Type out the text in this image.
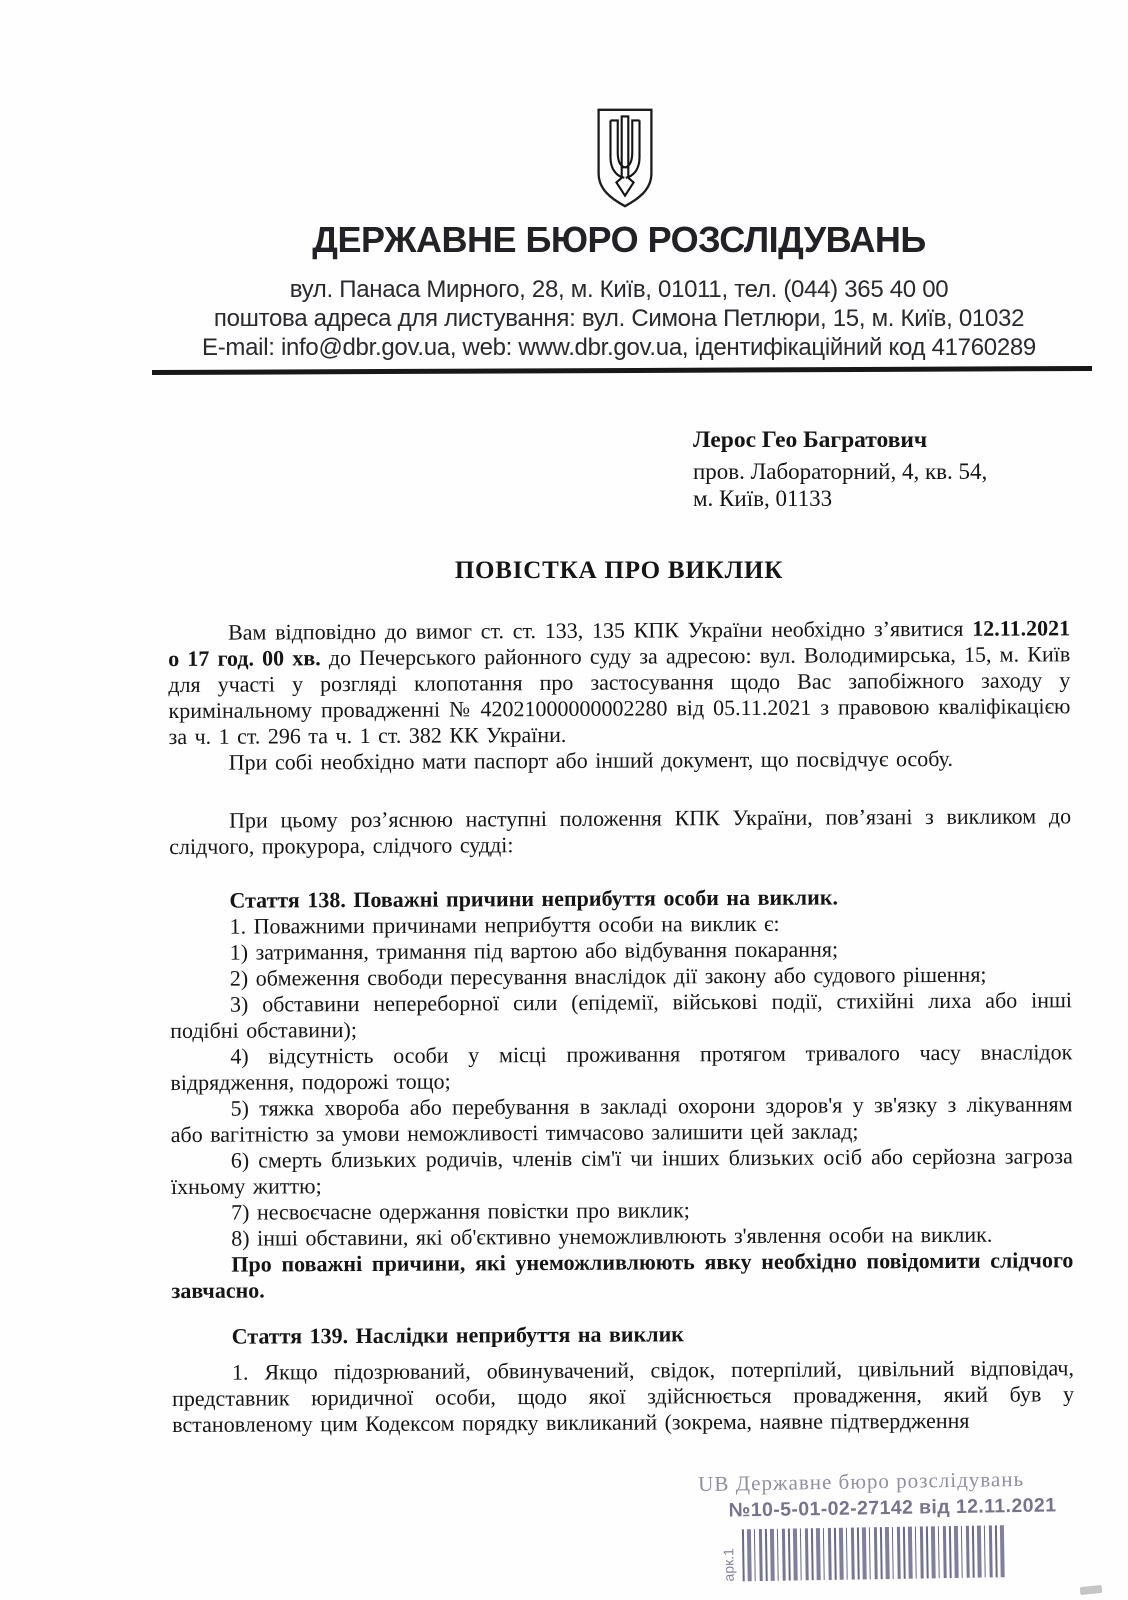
ДЕРЖАВНЕ БЮРО РОЗСЛІДУВАНЬ
вул. Панаса Мирного, 28, м. Київ, 01011, тел. (044) 365 40 00
поштова адреса для листування: вул. Симона Петлюри, 15, м. Київ, 01032
E-mail: info@dbr.gov.ua, web: www.dbr.gov.ua, ідентифікаційний код 41760289
Лерос Гео Багратович
пров. Лабораторний, 4, кв. 54,
м. Київ, 01133
ПОВІСТКА ПРО ВИКЛИК

Вам відповідно до вимог ст. ст. 133, 135 КПК України необхідно з’явитися 12.11.2021 о 17 год. 00 хв. до Печерського районного суду за адресою: вул. Володимирська, 15, м. Київ для участі у розгляді клопотання про застосування щодо Вас запобіжного заходу у кримінальному провадженні № 42021000000002280 від 05.11.2021 з правовою кваліфікацією за ч. 1 ст. 296 та ч. 1 ст. 382 КК України.

При собі необхідно мати паспорт або інший документ, що посвідчує особу.

При цьому роз’яснюю наступні положення КПК України, пов’язані з викликом до слідчого, прокурора, слідчого судді:

Стаття 138. Поважні причини неприбуття особи на виклик.

1. Поважними причинами неприбуття особи на виклик є:

1) затримання, тримання під вартою або відбування покарання;

2) обмеження свободи пересування внаслідок дії закону або судового рішення;

3) обставини непереборної сили (епідемії, військові події, стихійні лиха або інші подібні обставини);

4) відсутність особи у місці проживання протягом тривалого часу внаслідок відрядження, подорожі тощо;

5) тяжка хвороба або перебування в закладі охорони здоров'я у зв'язку з лікуванням або вагітністю за умови неможливості тимчасово залишити цей заклад;

6) смерть близьких родичів, членів сім'ї чи інших близьких осіб або серйозна загроза їхньому життю;

7) несвоєчасне одержання повістки про виклик;

8) інші обставини, які об'єктивно унеможливлюють з'явлення особи на виклик.

Про поважні причини, які унеможливлюють явку необхідно повідомити слідчого завчасно.

Стаття 139. Наслідки неприбуття на виклик

1. Якщо підозрюваний, обвинувачений, свідок, потерпілий, цивільний відповідач, представник юридичної особи, щодо якої здійснюється провадження, який був у встановленому цим Кодексом порядку викликаний (зокрема, наявне підтвердження

UB Державне бюро розслідувань
№10-5-01-02-27142 від 12.11.2021
арк.1
